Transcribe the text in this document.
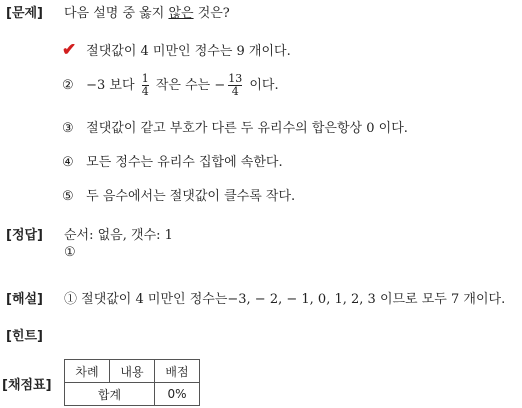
[문제] 다음 설명 중 옳지 않은 것은?
✔ 절댓값이 4 미만인 정수는 9 개이다.
② −3 보다 $\frac{1}{4}$ 작은 수는 − $\frac{13}{4}$ 이다.
③ 절댓값이 같고 부호가 다른 두 유리수의 합은항상 0 이다.
④ 모든 정수는 유리수 집합에 속한다.
⑤ 두 음수에서는 절댓값이 클수록 작다.
[정답] 순서: 없음, 갯수: 1
①
[해설] ① 절댓값이 4 미만인 정수는−3, − 2, − 1, 0, 1, 2, 3 이므로 모두 7 개이다.
[힌트]
[채점표]
차례	내용	배점
합계		0%
